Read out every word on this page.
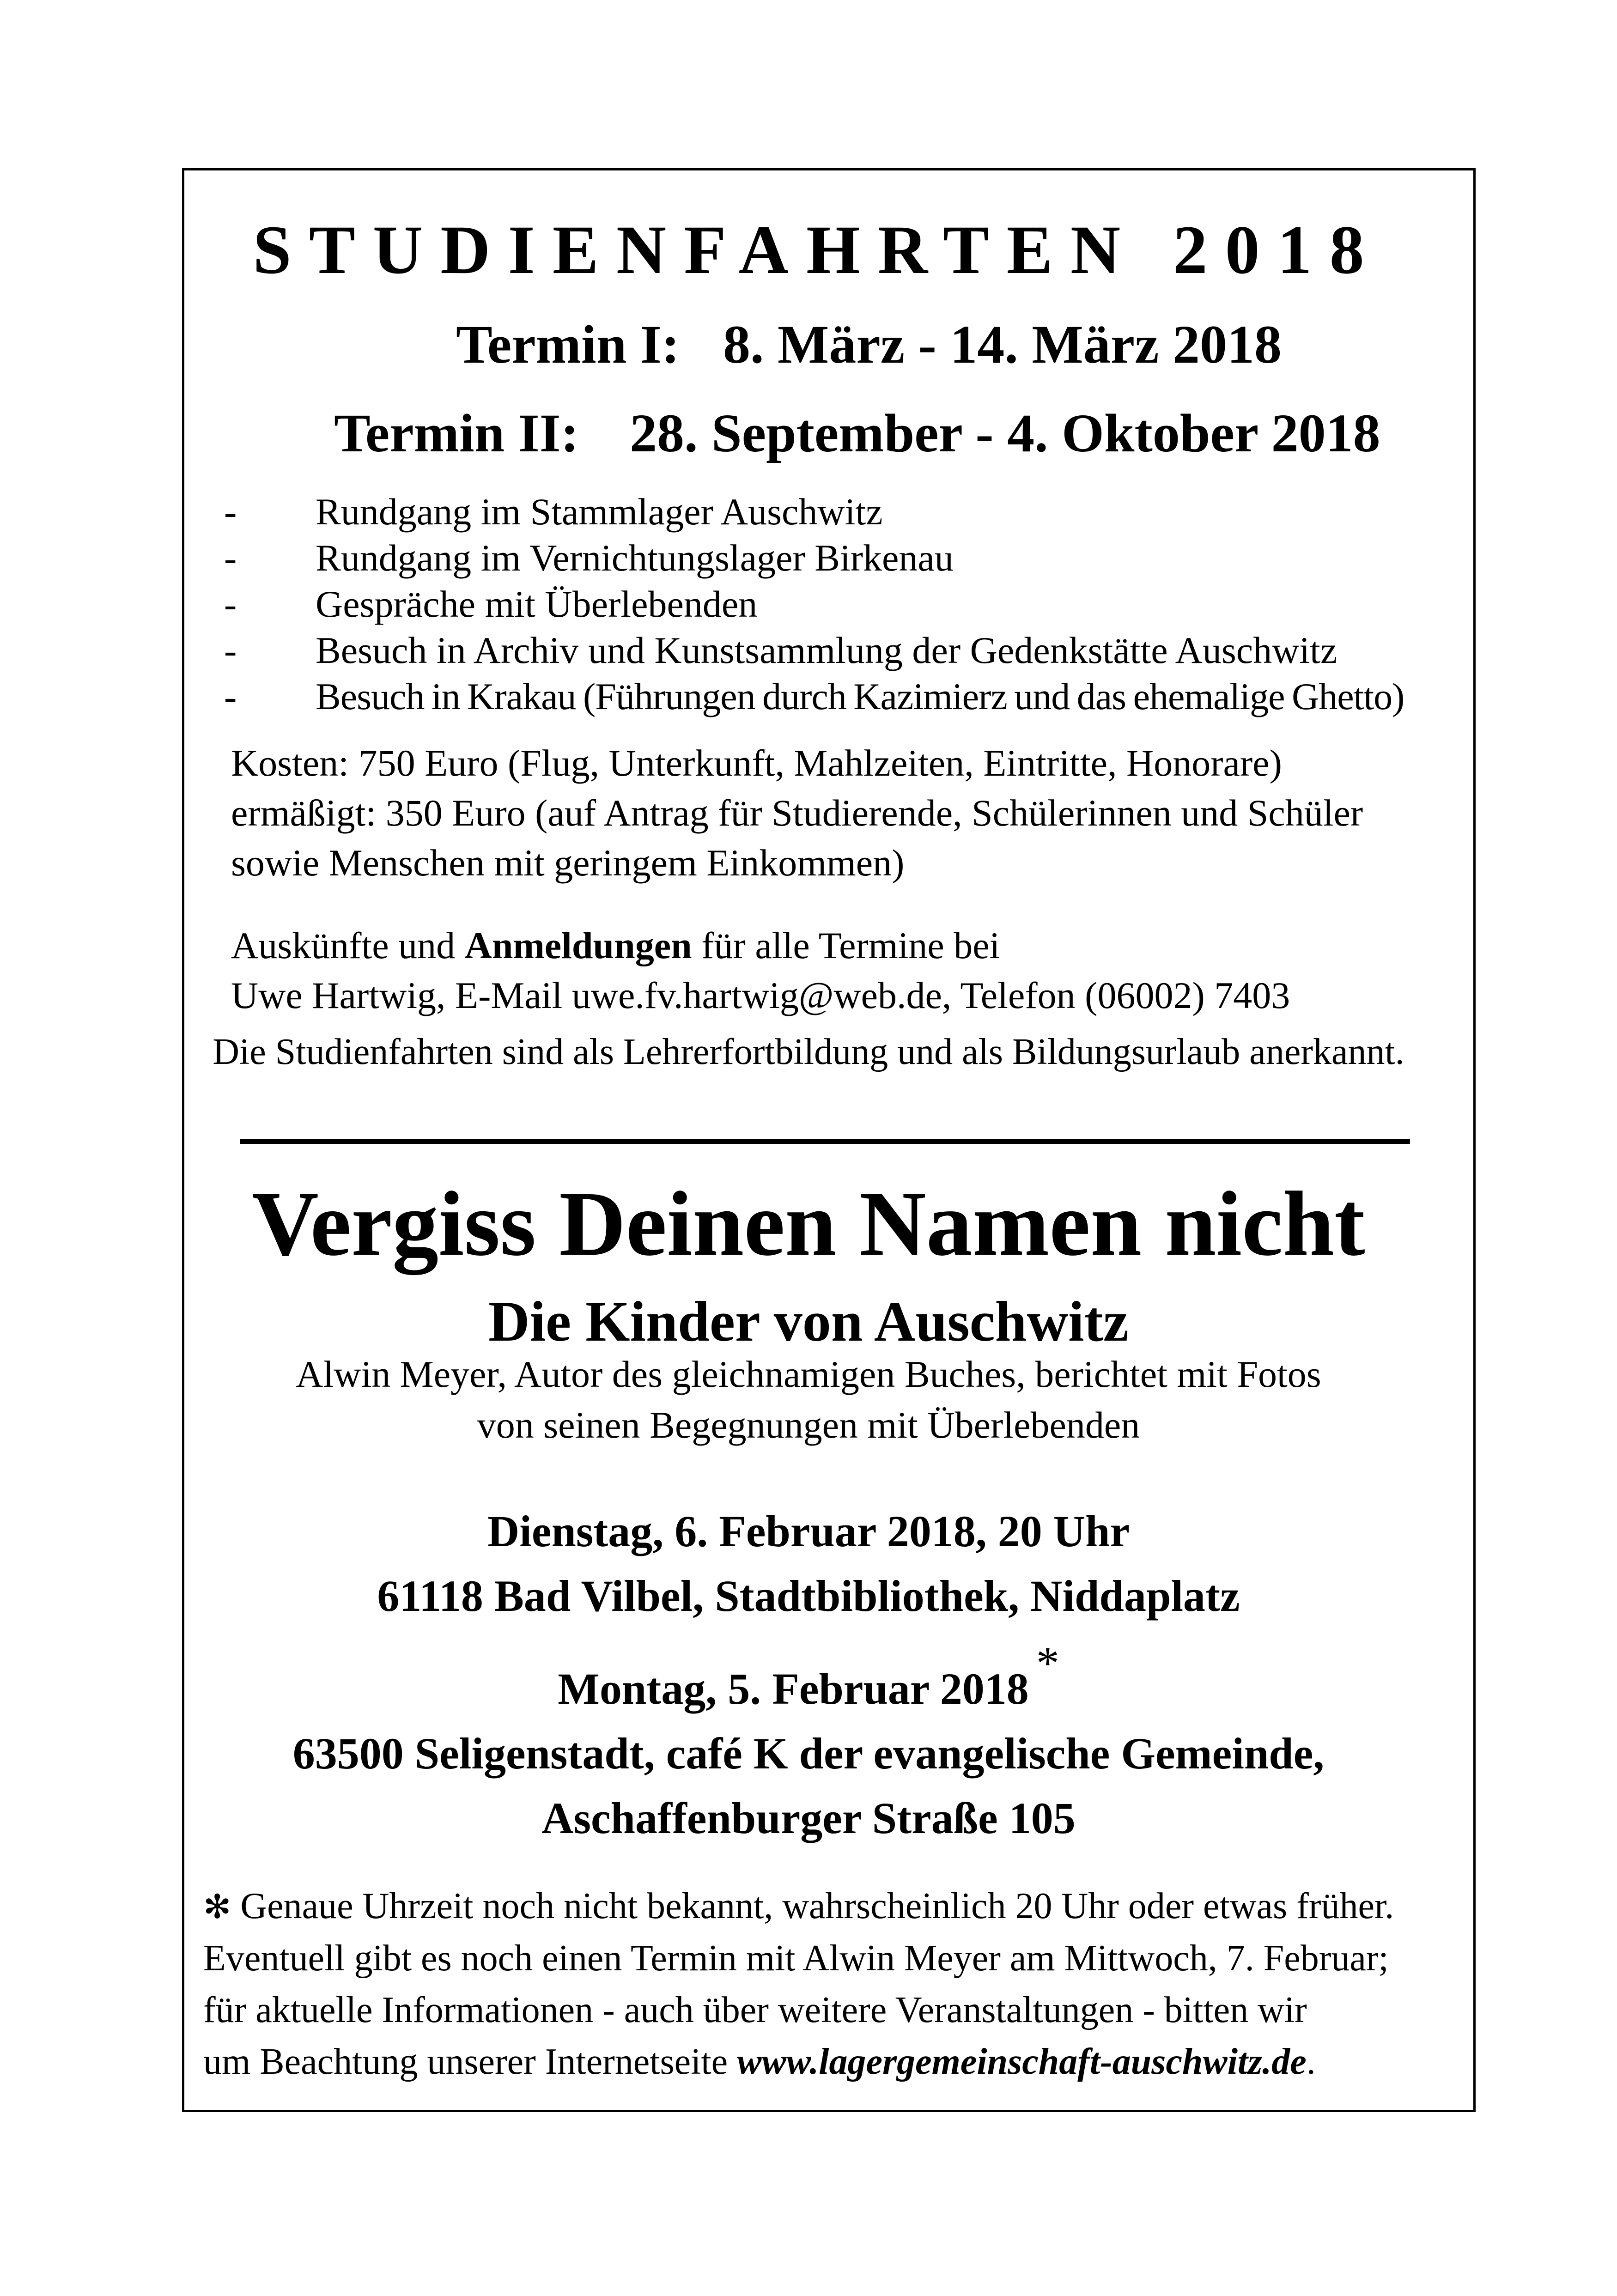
STUDIENFAHRTEN 2018
Termin I: 8. März - 14. März 2018
Termin II: 28. September - 4. Oktober 2018
-	Rundgang im Stammlager Auschwitz
-	Rundgang im Vernichtungslager Birkenau
-	Gespräche mit Überlebenden
-	Besuch in Archiv und Kunstsammlung der Gedenkstätte Auschwitz
-	Besuch in Krakau (Führungen durch Kazimierz und das ehemalige Ghetto)
Kosten: 750 Euro (Flug, Unterkunft, Mahlzeiten, Eintritte, Honorare)
ermäßigt: 350 Euro (auf Antrag für Studierende, Schülerinnen und Schüler
sowie Menschen mit geringem Einkommen)
Auskünfte und Anmeldungen für alle Termine bei
Uwe Hartwig, E-Mail uwe.fv.hartwig@web.de, Telefon (06002) 7403
Die Studienfahrten sind als Lehrerfortbildung und als Bildungsurlaub anerkannt.
Vergiss Deinen Namen nicht
Die Kinder von Auschwitz
Alwin Meyer, Autor des gleichnamigen Buches, berichtet mit Fotos
von seinen Begegnungen mit Überlebenden
Dienstag, 6. Februar 2018, 20 Uhr
61118 Bad Vilbel, Stadtbibliothek, Niddaplatz
Montag, 5. Februar 2018*
63500 Seligenstadt, café K der evangelische Gemeinde,
Aschaffenburger Straße 105
✻ Genaue Uhrzeit noch nicht bekannt, wahrscheinlich 20 Uhr oder etwas früher.
Eventuell gibt es noch einen Termin mit Alwin Meyer am Mittwoch, 7. Februar;
für aktuelle Informationen - auch über weitere Veranstaltungen - bitten wir
um Beachtung unserer Internetseite www.lagergemeinschaft-auschwitz.de.
